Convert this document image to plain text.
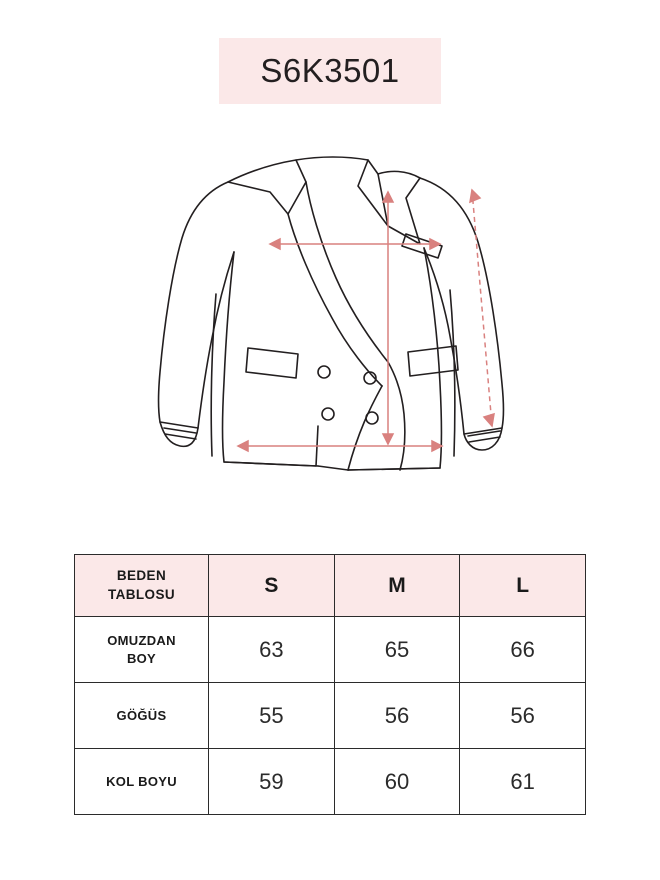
S6K3501
BEDEN
TABLOSU	S	M	L

OMUZDAN
BOY	63	65	66
GÖĞÜS	55	56	56
KOL BOYU	59	60	61
